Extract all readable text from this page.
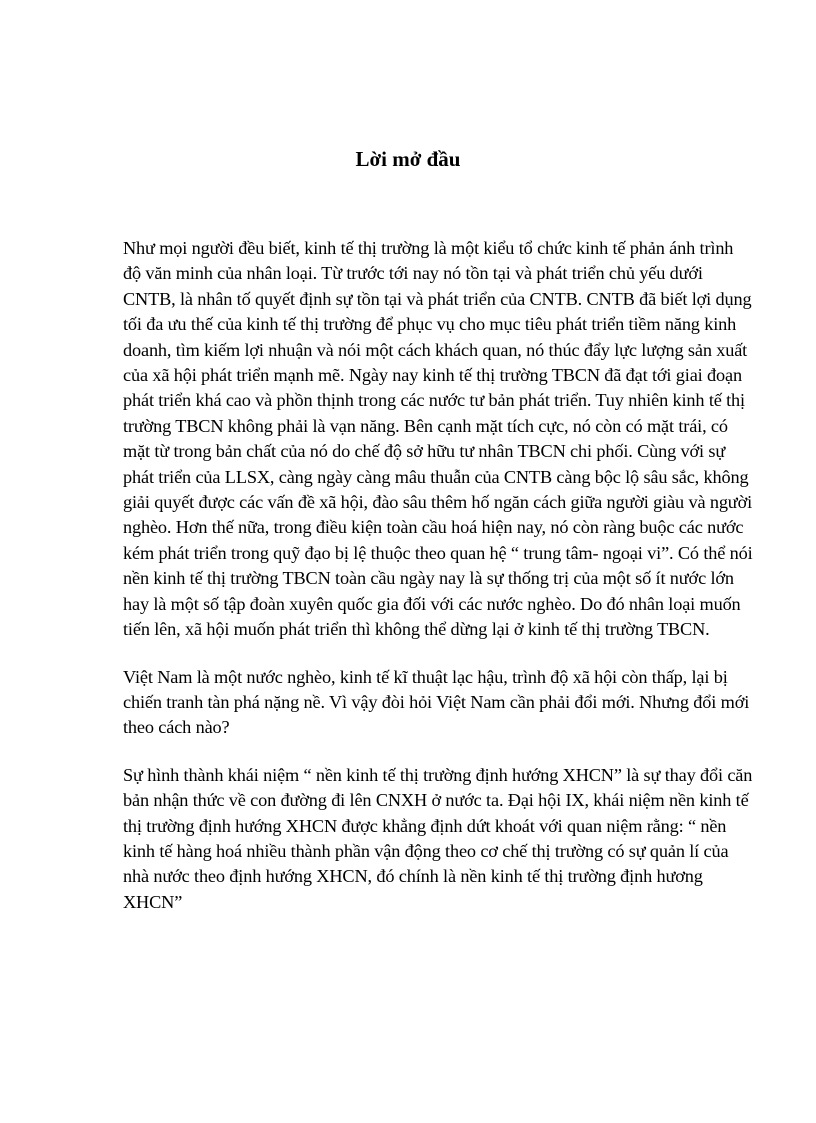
Lời mở đầu

Như mọi người đều biết, kinh tế thị trường là một kiểu tổ chức kinh tế phản ánh trình độ văn minh của nhân loại. Từ trước tới nay nó tồn tại và phát triển chủ yếu dưới CNTB, là nhân tố quyết định sự tồn tại và phát triển của CNTB. CNTB đã biết lợi dụng tối đa ưu thế của kinh tế thị trường để phục vụ cho mục tiêu phát triển tiềm năng kinh doanh, tìm kiếm lợi nhuận và nói một cách khách quan, nó thúc đẩy lực lượng sản xuất của xã hội phát triển mạnh mẽ. Ngày nay kinh tế thị trường TBCN đã đạt tới giai đoạn phát triển khá cao và phồn thịnh trong các nước tư bản phát triển. Tuy nhiên kinh tế thị trường TBCN không phải là vạn năng. Bên cạnh mặt tích cực, nó còn có mặt trái, có mặt từ trong bản chất của nó do chế độ sở hữu tư nhân TBCN chi phối. Cùng với sự phát triển của LLSX, càng ngày càng mâu thuẫn của CNTB càng bộc lộ sâu sắc, không giải quyết được các vấn đề xã hội, đào sâu thêm hố ngăn cách giữa người giàu và người nghèo. Hơn thế nữa, trong điều kiện toàn cầu hoá hiện nay, nó còn ràng buộc các nước kém phát triển trong quỹ đạo bị lệ thuộc theo quan hệ “ trung tâm- ngoại vi”. Có thể nói nền kinh tế thị trường TBCN toàn cầu ngày nay là sự thống trị của một số ít nước lớn hay là một số tập đoàn xuyên quốc gia đối với các nước nghèo. Do đó nhân loại muốn tiến lên, xã hội muốn phát triển thì không thể dừng lại ở kinh tế thị trường TBCN.

Việt Nam là một nước nghèo, kinh tế kĩ thuật lạc hậu, trình độ xã hội còn thấp, lại bị chiến tranh tàn phá nặng nề. Vì vậy đòi hỏi Việt Nam cần phải đổi mới. Nhưng đổi mới theo cách nào?

Sự hình thành khái niệm “ nền kinh tế thị trường định hướng XHCN” là sự thay đổi căn bản nhận thức về con đường đi lên CNXH ở nước ta. Đại hội IX, khái niệm nền kinh tế thị trường định hướng XHCN được khẳng định dứt khoát với quan niệm rằng: “ nền kinh tế hàng hoá nhiều thành phần vận động theo cơ chế thị trường có sự quản lí của nhà nước theo định hướng XHCN, đó chính là nền kinh tế thị trường định hương XHCN”
